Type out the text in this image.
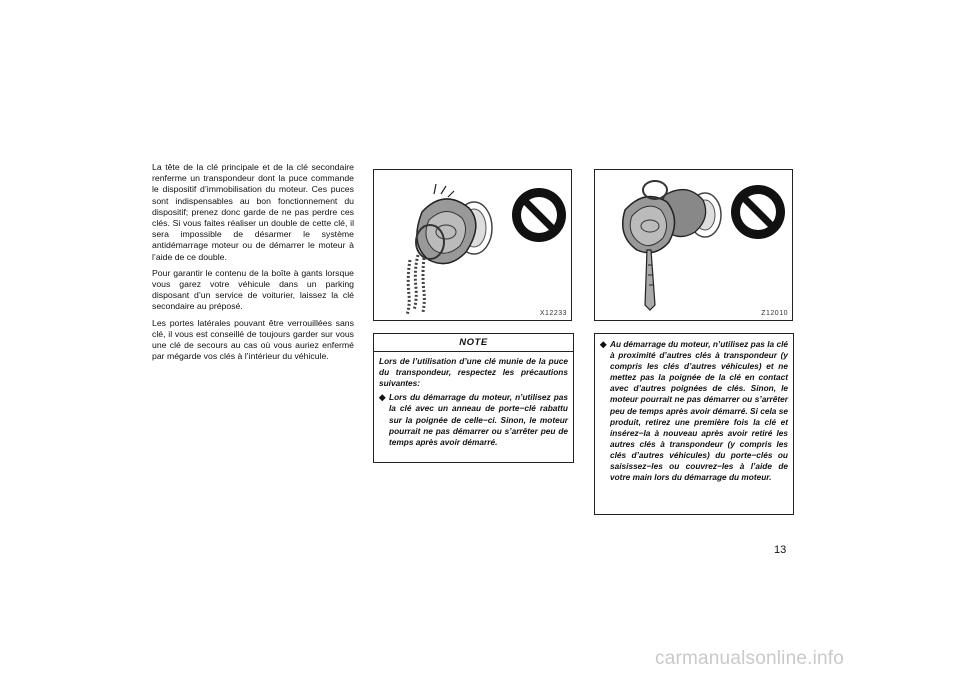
La tête de la clé principale et de la clé secondaire renferme un transpondeur dont la puce commande le dispositif d’immobilisation du moteur. Ces puces sont indispensables au bon fonctionnement du dispositif; prenez donc garde de ne pas perdre ces clés. Si vous faites réaliser un double de cette clé, il sera impossible de désarmer le système antidémarrage moteur ou de démarrer le moteur à l’aide de ce double.

Pour garantir le contenu de la boîte à gants lorsque vous garez votre véhicule dans un parking disposant d’un service de voiturier, laissez la clé secondaire au préposé.

Les portes latérales pouvant être verrouillées sans clé, il vous est conseillé de toujours garder sur vous une clé de secours au cas où vous auriez enfermé par mégarde vos clés à l’intérieur du véhicule.

X12233	Z12010
NOTE

Lors de l’utilisation d’une clé munie de la puce du transpondeur, respectez les précautions suivantes:

◆ Lors du démarrage du moteur, n’utilisez pas la clé avec un anneau de porte−clé rabattu sur la poignée de celle−ci. Sinon, le moteur pourrait ne pas démarrer ou s’arrêter peu de temps après avoir démarré.
◆ Au démarrage du moteur, n’utilisez pas la clé à proximité d’autres clés à transpondeur (y compris les clés d’autres véhicules) et ne mettez pas la poignée de la clé en contact avec d’autres poignées de clés. Sinon, le moteur pourrait ne pas démarrer ou s’arrêter peu de temps après avoir démarré. Si cela se produit, retirez une première fois la clé et insérez−la à nouveau après avoir retiré les autres clés à transpondeur (y compris les clés d’autres véhicules) du porte−clés ou saisissez−les ou couvrez−les à l’aide de votre main lors du démarrage du moteur.
13
carmanualsonline.info
